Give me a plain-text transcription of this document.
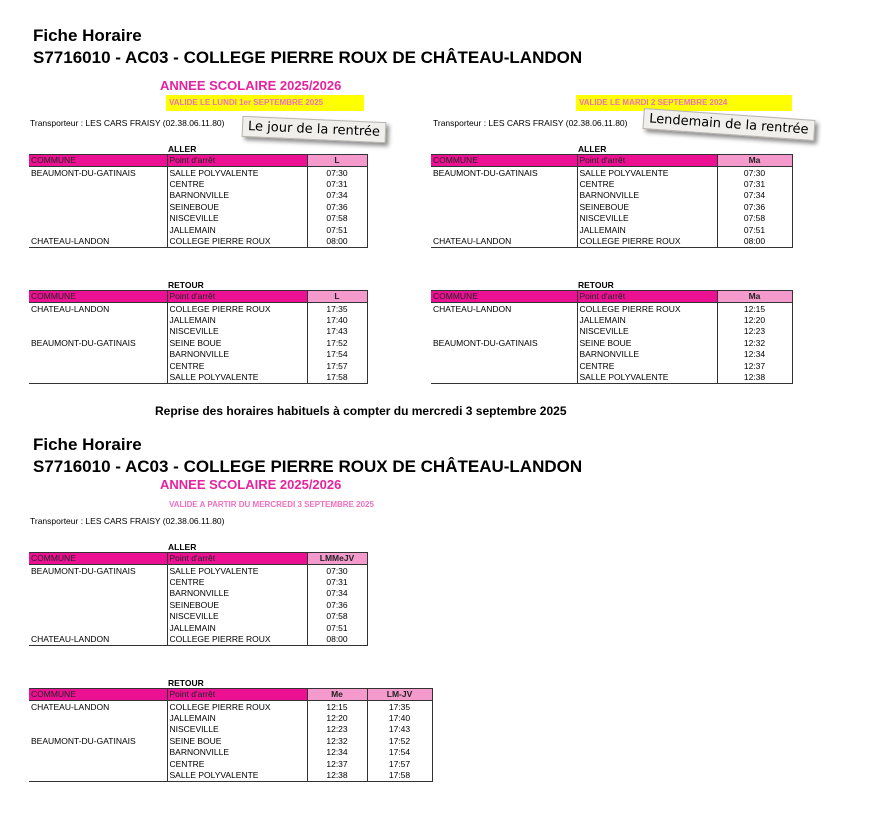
Fiche Horaire
S7716010 - AC03 - COLLEGE PIERRE ROUX DE CHÂTEAU-LANDON
ANNEE SCOLAIRE 2025/2026
VALIDE LE LUNDI 1er SEPTEMBRE 2025	VALIDE LE MARDI 2 SEPTEMBRE 2024
Transporteur : LES CARS FRAISY (02.38.06.11.80)	Transporteur : LES CARS FRAISY (02.38.06.11.80)
Le jour de la rentrée	Lendemain de la rentrée
ALLER	ALLER
COMMUNE	Point d'arrêt	L
BEAUMONT-DU-GATINAIS	SALLE POLYVALENTE	07:30
	CENTRE	07:31
	BARNONVILLE	07:34
	SEINEBOUE	07:36
	NISCEVILLE	07:58
	JALLEMAIN	07:51
CHATEAU-LANDON	COLLEGE PIERRE ROUX	08:00
COMMUNE	Point d'arrêt	Ma
BEAUMONT-DU-GATINAIS	SALLE POLYVALENTE	07:30
	CENTRE	07:31
	BARNONVILLE	07:34
	SEINEBOUE	07:36
	NISCEVILLE	07:58
	JALLEMAIN	07:51
CHATEAU-LANDON	COLLEGE PIERRE ROUX	08:00
RETOUR	RETOUR
COMMUNE	Point d'arrêt	L
CHATEAU-LANDON	COLLEGE PIERRE ROUX	17:35
	JALLEMAIN	17:40
	NISCEVILLE	17:43
BEAUMONT-DU-GATINAIS	SEINE BOUE	17:52
	BARNONVILLE	17:54
	CENTRE	17:57
	SALLE POLYVALENTE	17:58
COMMUNE	Point d'arrêt	Ma
CHATEAU-LANDON	COLLEGE PIERRE ROUX	12:15
	JALLEMAIN	12:20
	NISCEVILLE	12:23
BEAUMONT-DU-GATINAIS	SEINE BOUE	12:32
	BARNONVILLE	12:34
	CENTRE	12:37
	SALLE POLYVALENTE	12:38
Reprise des horaires habituels à compter du mercredi 3 septembre 2025
Fiche Horaire
S7716010 - AC03 - COLLEGE PIERRE ROUX DE CHÂTEAU-LANDON
ANNEE SCOLAIRE 2025/2026
VALIDE A PARTIR DU MERCREDI 3 SEPTEMBRE 2025
Transporteur : LES CARS FRAISY (02.38.06.11.80)
ALLER
COMMUNE	Point d'arrêt	LMMeJV
BEAUMONT-DU-GATINAIS	SALLE POLYVALENTE	07:30
	CENTRE	07:31
	BARNONVILLE	07:34
	SEINEBOUE	07:36
	NISCEVILLE	07:58
	JALLEMAIN	07:51
CHATEAU-LANDON	COLLEGE PIERRE ROUX	08:00
RETOUR
COMMUNE	Point d'arrêt	Me	LM-JV
CHATEAU-LANDON	COLLEGE PIERRE ROUX	12:15	17:35
	JALLEMAIN	12:20	17:40
	NISCEVILLE	12:23	17:43
BEAUMONT-DU-GATINAIS	SEINE BOUE	12:32	17:52
	BARNONVILLE	12:34	17:54
	CENTRE	12:37	17:57
	SALLE POLYVALENTE	12:38	17:58
